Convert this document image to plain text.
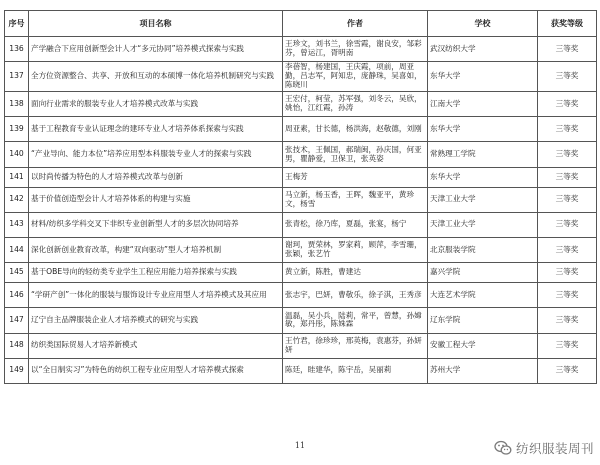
序号	项目名称	作者	学校	获奖等级
136	产学融合下应用创新型会计人才“多元协同”培养模式探索与实践	王珍文，刘书兰，徐雪霞，谢良安，邹彩芬，曾运江，胥明南	武汉纺织大学	三等奖
137	全方位资源整合、共享、开放和互动的本硕博一体化培养机制研究与实践	李蓓智，杨建国，王庆霞，项前，周亚勤，吕志军，阿知忠，庞静珠，吴喜如，陈晓川	东华大学	三等奖
138	面向行业需求的服装专业人才培养模式改革与实践	王宏付，柯莹，苏军强，刘冬云，吴欣，姚怡，江红霞，孙涛	江南大学	三等奖
139	基于工程教育专业认证理念的建环专业人才培养体系探索与实践	周亚素，甘长德，杨洪海，赵敬德，刘刚	东华大学	三等奖
140	“产业导向、能力本位”培养应用型本科服装专业人才的探索与实践	张技术，王佩国，郝瑞闽，孙庆国，何亚男，瞿静爱，卫保卫，张英姿	常熟理工学院	三等奖
141	以时尚传播为特色的人才培养模式改革与创新	王梅芳	东华大学	三等奖
142	基于价值创造型会计人才培养体系的构建与实施	马立新，杨玉香，王晖，魏亚平，黄珍文，杨雪	天津工业大学	三等奖
143	材料/纺织多学科交叉下非织专业创新型人才的多层次协同培养	张青松，徐乃库，夏磊，张宴，杨宁	天津工业大学	三等奖
144	深化创新创业教育改革，构建“双向驱动”型人才培养机制	谢珂，贾荣林，罗家莉，顾萍，李雪珊，张颖，张艺竹	北京服装学院	三等奖
145	基于OBE导向的轻纺类专业学生工程应用能力培养探索与实践	黄立新，陈胜，曹建达	嘉兴学院	三等奖
146	“学研产创”一体化的服装与服饰设计专业应用型人才培养模式及其应用	张志宇，巴妍，曹敬乐，徐子淇，王秀彦	大连艺术学院	三等奖
147	辽宁自主品牌服装企业人才培养模式的研究与实践	温磊，吴小兵，陆莉，常平，曾慧，孙嫦敏，郑丹彤，陈姝霖	辽东学院	三等奖
148	纺织类国际贸易人才培养新模式	王竹君，徐珍珍，邢英梅，袁惠芬，孙妍妍	安徽工程大学	三等奖
149	以“全日制实习”为特色的纺织工程专业应用型人才培养模式探索	陈廷，眭建华，陈宇岳，吴丽莉	苏州大学	三等奖
11	纺织服装周刊
